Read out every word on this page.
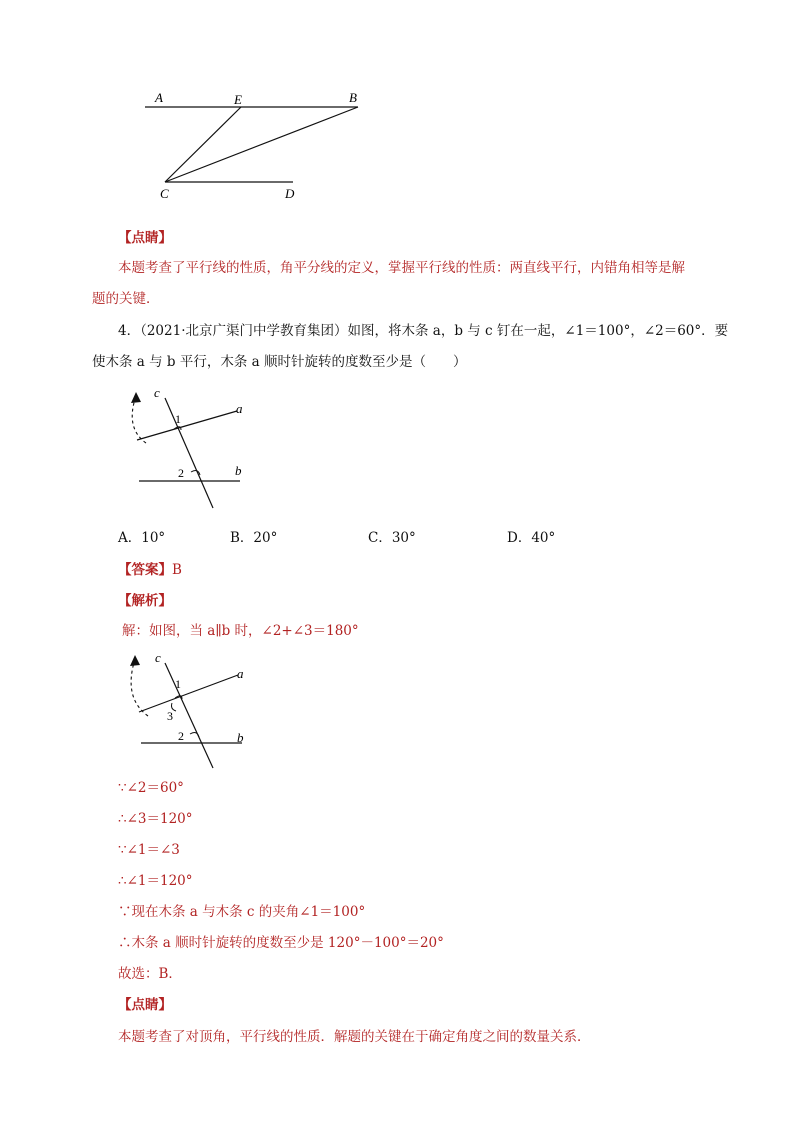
A	E	B
C	D
【点睛】
本题考查了平行线的性质，角平分线的定义，掌握平行线的性质：两直线平行，内错角相等是解
题的关键．
4．（2021·北京广渠门中学教育集团）如图，将木条 a，b 与 c 钉在一起，∠1＝100°，∠2＝60°．要
使木条 a 与 b 平行，木条 a 顺时针旋转的度数至少是（　　）
c
a
b
1
2
A．10°	B．20°	C．30°	D．40°
【答案】B
【解析】
解：如图，当 a∥b 时，∠2+∠3＝180°
c
a
b
1
3
2
∵∠2＝60°
∴∠3＝120°
∵∠1＝∠3
∴∠1＝120°
∵现在木条 a 与木条 c 的夹角∠1＝100°
∴木条 a 顺时针旋转的度数至少是 120°－100°＝20°
故选：B．
【点睛】
本题考查了对顶角，平行线的性质．解题的关键在于确定角度之间的数量关系．
